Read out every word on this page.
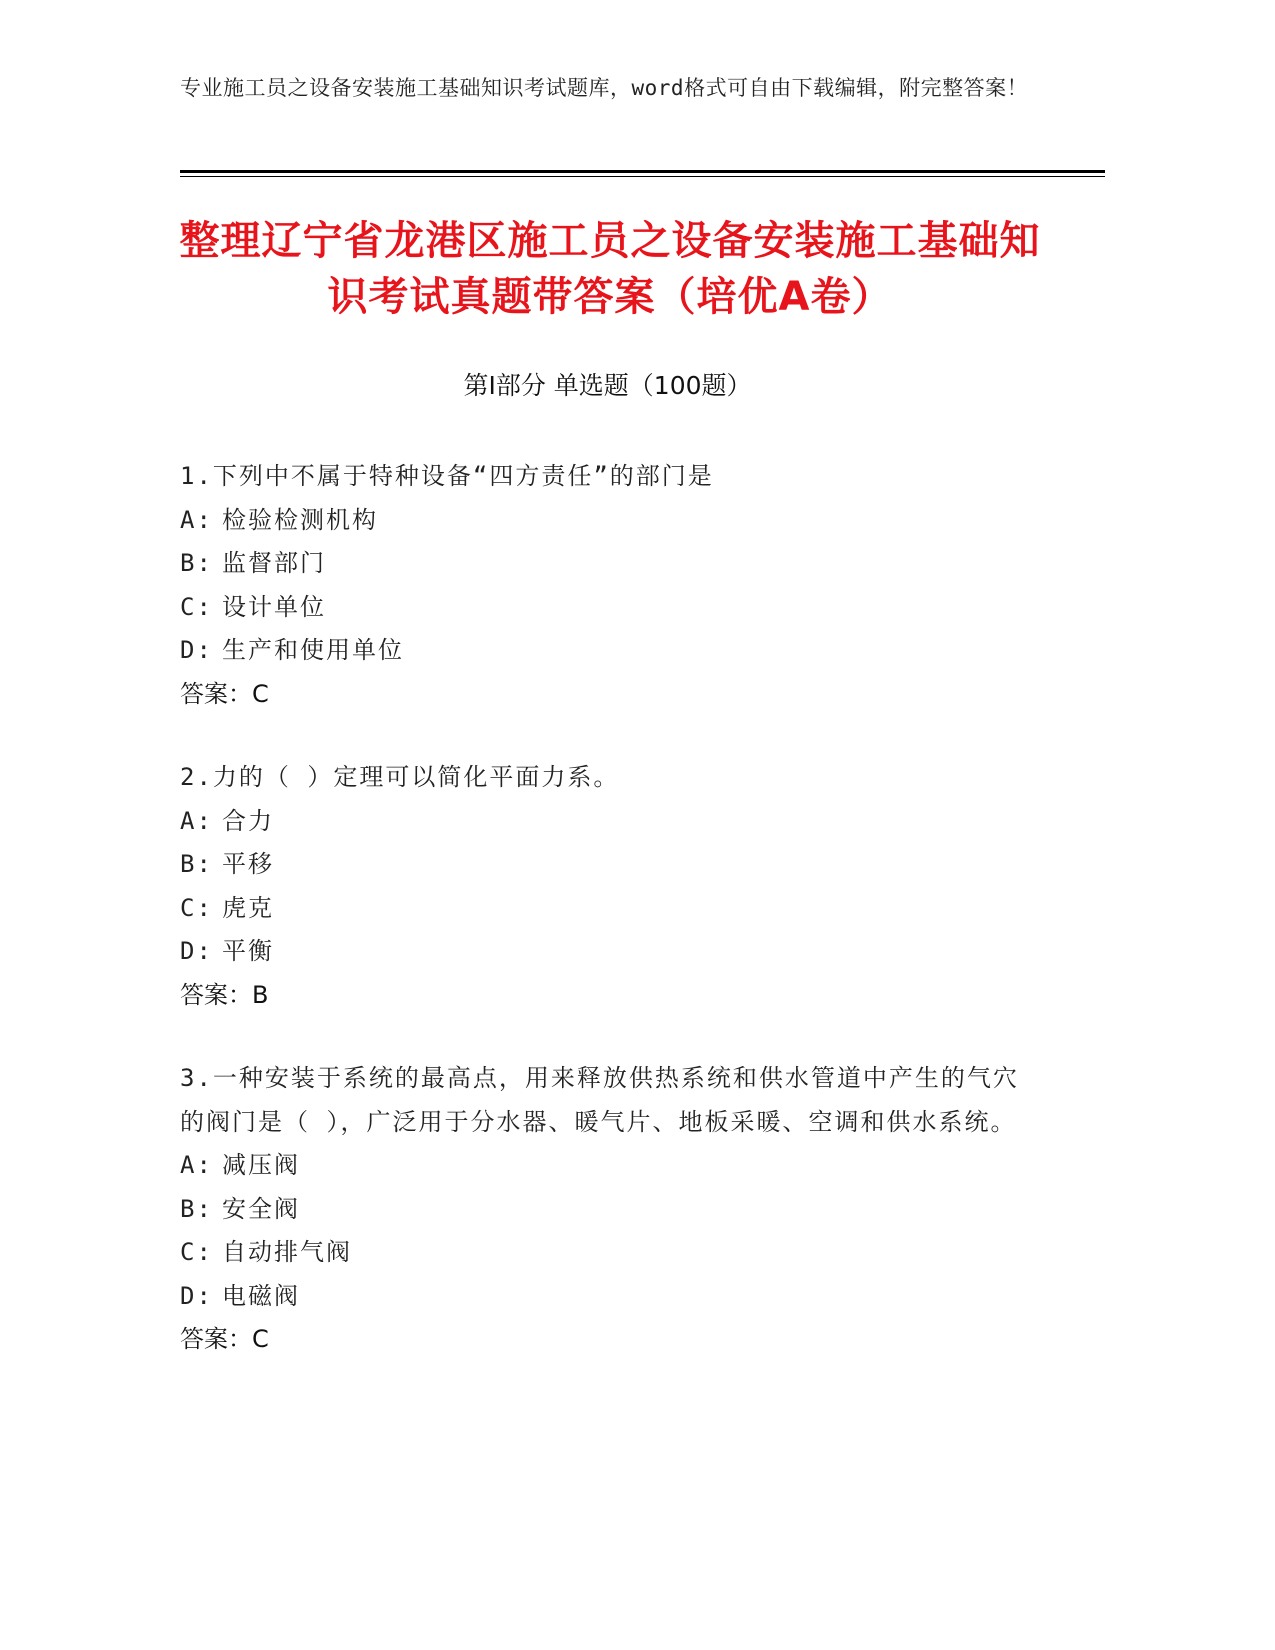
专业施工员之设备安装施工基础知识考试题库，word格式可自由下载编辑，附完整答案！
整理辽宁省龙港区施工员之设备安装施工基础知识考试真题带答案（培优A卷）
第Ⅰ部分 单选题（100题）
1.下列中不属于特种设备“四方责任”的部门是
A: 检验检测机构
B: 监督部门
C: 设计单位
D: 生产和使用单位
答案：C
2.力的（ ）定理可以简化平面力系。
A: 合力
B: 平移
C: 虎克
D: 平衡
答案：B
3.一种安装于系统的最高点，用来释放供热系统和供水管道中产生的气穴的阀门是（ ），广泛用于分水器、暖气片、地板采暖、空调和供水系统。
A: 减压阀
B: 安全阀
C: 自动排气阀
D: 电磁阀
答案：C
